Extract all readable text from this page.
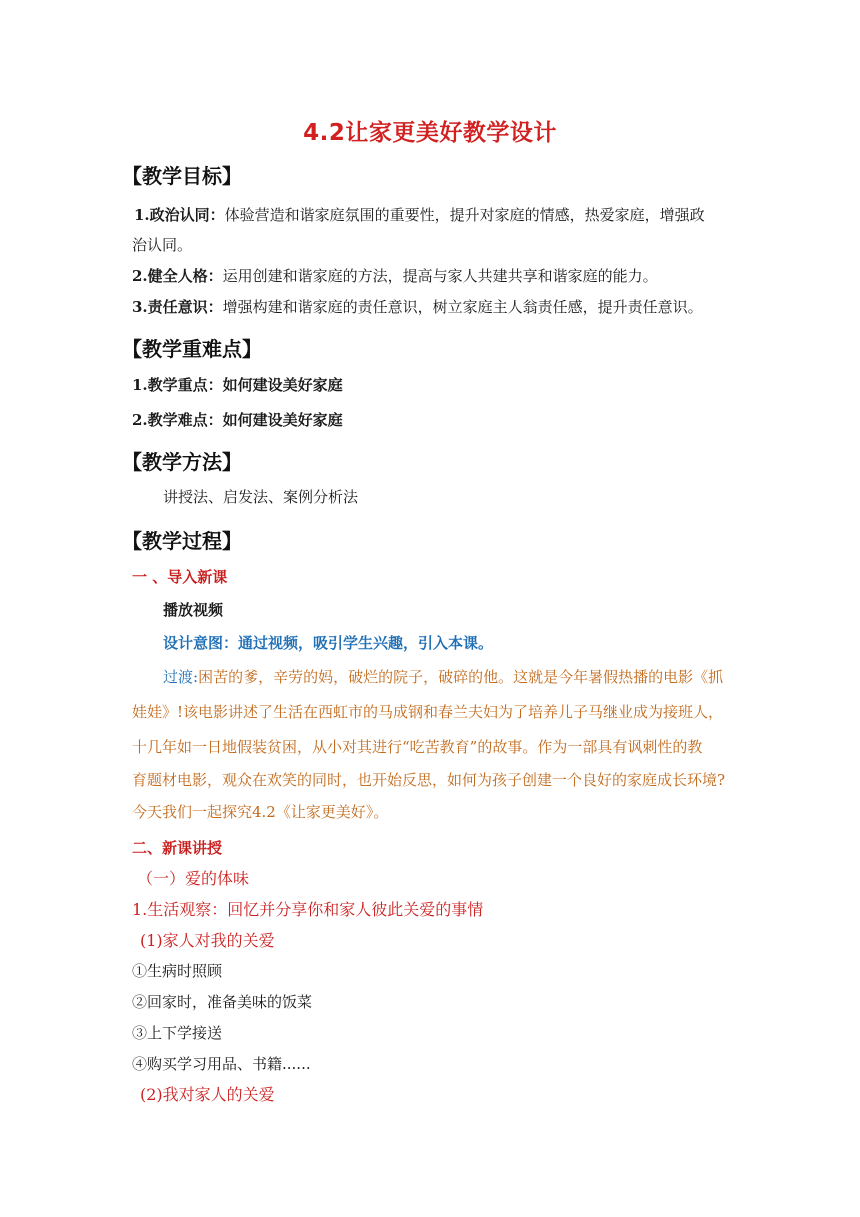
4.2让家更美好教学设计
【教学目标】
1.政治认同：体验营造和谐家庭氛围的重要性，提升对家庭的情感，热爱家庭，增强政
治认同。
2.健全人格：运用创建和谐家庭的方法，提高与家人共建共享和谐家庭的能力。
3.责任意识：增强构建和谐家庭的责任意识，树立家庭主人翁责任感，提升责任意识。
【教学重难点】
1.教学重点：如何建设美好家庭
2.教学难点：如何建设美好家庭
【教学方法】
讲授法、启发法、案例分析法
【教学过程】
一 、导入新课
播放视频
设计意图：通过视频，吸引学生兴趣，引入本课。
过渡:困苦的爹，辛劳的妈，破烂的院子，破碎的他。这就是今年暑假热播的电影《抓
娃娃》!该电影讲述了生活在西虹市的马成钢和春兰夫妇为了培养儿子马继业成为接班人，
十几年如一日地假装贫困，从小对其进行“吃苦教育”的故事。作为一部具有讽刺性的教
育题材电影，观众在欢笑的同时，也开始反思，如何为孩子创建一个良好的家庭成长环境?
今天我们一起探究4.2《让家更美好》。
二、新课讲授
（一）爱的体味
1.生活观察：回忆并分享你和家人彼此关爱的事情
(1)家人对我的关爱
①生病时照顾
②回家时，准备美味的饭菜
③上下学接送
④购买学习用品、书籍......
(2)我对家人的关爱
